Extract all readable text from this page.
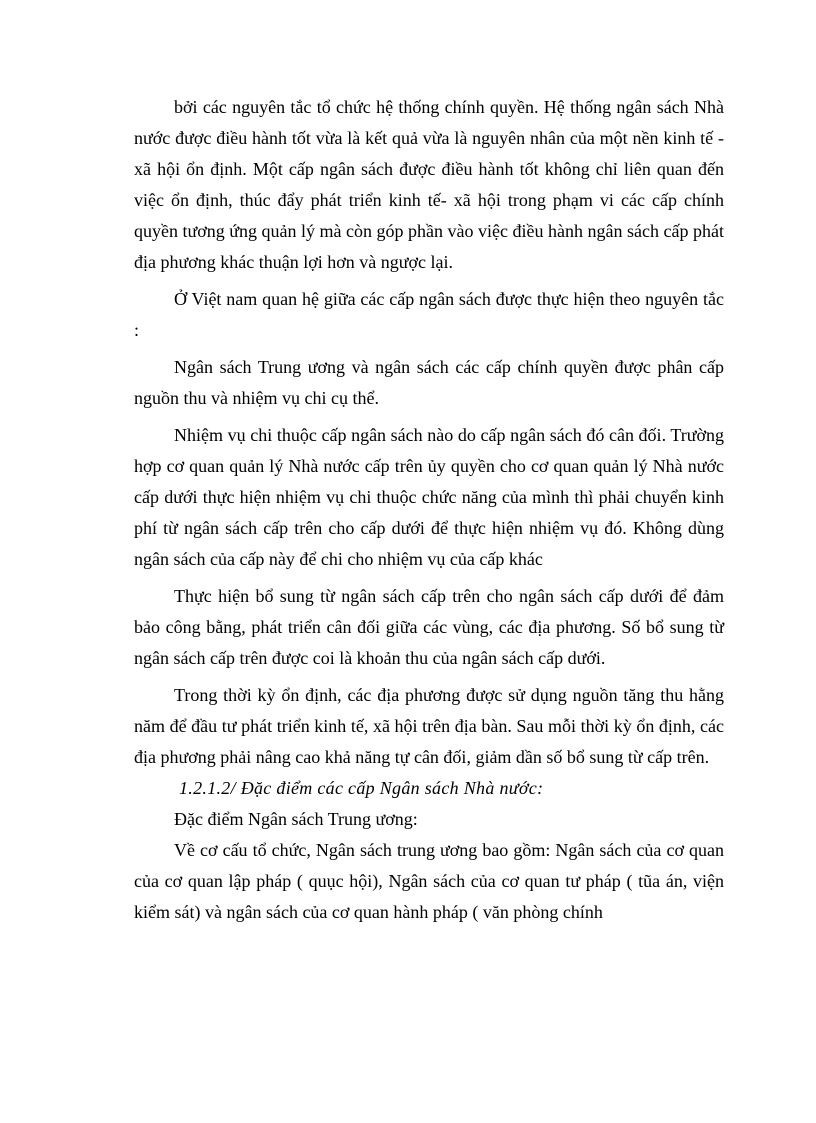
bởi các nguyên tắc tổ chức hệ thống chính quyền. Hệ thống ngân sách Nhà nước được điều hành tốt vừa là kết quả vừa là nguyên nhân của một nền kinh tế - xã hội ổn định. Một cấp ngân sách được điều hành tốt không chỉ liên quan đến việc ổn định, thúc đẩy phát triển kinh tế- xã hội trong phạm vi các cấp chính quyền tương ứng quản lý mà còn góp phần vào việc điều hành ngân sách cấp phát địa phương khác thuận lợi hơn và ngược lại.

Ở Việt nam quan hệ giữa các cấp ngân sách được thực hiện theo nguyên tắc :

Ngân sách Trung ương và ngân sách các cấp chính quyền được phân cấp nguồn thu và nhiệm vụ chi cụ thể.

Nhiệm vụ chi thuộc cấp ngân sách nào do cấp ngân sách đó cân đối. Trường hợp cơ quan quản lý Nhà nước cấp trên ủy quyền cho cơ quan quản lý Nhà nước cấp dưới thực hiện nhiệm vụ chi thuộc chức năng của mình thì phải chuyển kinh phí từ ngân sách cấp trên cho cấp dưới để thực hiện nhiệm vụ đó. Không dùng ngân sách của cấp này để chi cho nhiệm vụ của cấp khác

Thực hiện bổ sung từ ngân sách cấp trên cho ngân sách cấp dưới để đảm bảo công bằng, phát triển cân đối giữa các vùng, các địa phương. Số bổ sung từ ngân sách cấp trên được coi là khoản thu của ngân sách cấp dưới.

Trong thời kỳ ổn định, các địa phương được sử dụng nguồn tăng thu hằng năm để đầu tư phát triển kinh tế, xã hội trên địa bàn. Sau mỗi thời kỳ ổn định, các địa phương phải nâng cao khả năng tự cân đối, giảm dần số bổ sung từ cấp trên.

1.2.1.2/ Đặc điểm các cấp Ngân sách Nhà nước:

Đặc điểm Ngân sách Trung ương:

Về cơ cấu tổ chức, Ngân sách trung ương bao gồm: Ngân sách của cơ quan của cơ quan lập pháp ( quục hội), Ngân sách của cơ quan tư pháp ( tũa án, viện kiểm sát) và ngân sách của cơ quan hành pháp ( văn phòng chính
